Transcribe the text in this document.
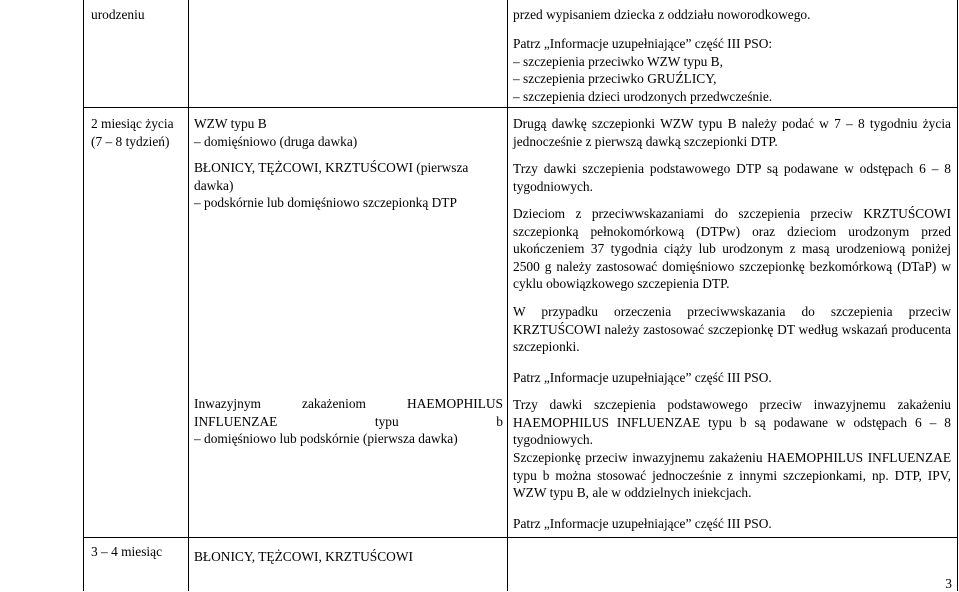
urodzeniu	przed wypisaniem dziecka z oddziału noworodkowego.
Patrz „Informacje uzupełniające” część III PSO:
– szczepienia przeciwko WZW typu B,
– szczepienia przeciwko GRUŹLICY,
– szczepienia dzieci urodzonych przedwcześnie.
2 miesiąc życia
(7 – 8 tydzień)
WZW typu B
– domięśniowo (druga dawka)
BŁONICY, TĘŻCOWI, KRZTUŚCOWI (pierwsza dawka)
– podskórnie lub domięśniowo szczepionką DTP
Inwazyjnym zakażeniom HAEMOPHILUS INFLUENZAE typu b
– domięśniowo lub podskórnie (pierwsza dawka)
Drugą dawkę szczepionki WZW typu B należy podać w 7 – 8 tygodniu życia jednocześnie z pierwszą dawką szczepionki DTP.
Trzy dawki szczepienia podstawowego DTP są podawane w odstępach 6 – 8 tygodniowych.
Dzieciom z przeciwwskazaniami do szczepienia przeciw KRZTUŚCOWI szczepionką pełnokomórkową (DTPw) oraz dzieciom urodzonym przed ukończeniem 37 tygodnia ciąży lub urodzonym z masą urodzeniową poniżej 2500 g należy zastosować domięśniowo szczepionkę bezkomórkową (DTaP) w cyklu obowiązkowego szczepienia DTP.
W przypadku orzeczenia przeciwwskazania do szczepienia przeciw KRZTUŚCOWI należy zastosować szczepionkę DT według wskazań producenta szczepionki.
Patrz „Informacje uzupełniające” część III PSO.
Trzy dawki szczepienia podstawowego przeciw inwazyjnemu zakażeniu HAEMOPHILUS INFLUENZAE typu b są podawane w odstępach 6 – 8 tygodniowych.
Szczepionkę przeciw inwazyjnemu zakażeniu HAEMOPHILUS INFLUENZAE typu b można stosować jednocześnie z innymi szczepionkami, np. DTP, IPV, WZW typu B, ale w oddzielnych iniekcjach.
Patrz „Informacje uzupełniające” część III PSO.
3 – 4 miesiąc BŁONICY, TĘŻCOWI, KRZTUŚCOWI
3
